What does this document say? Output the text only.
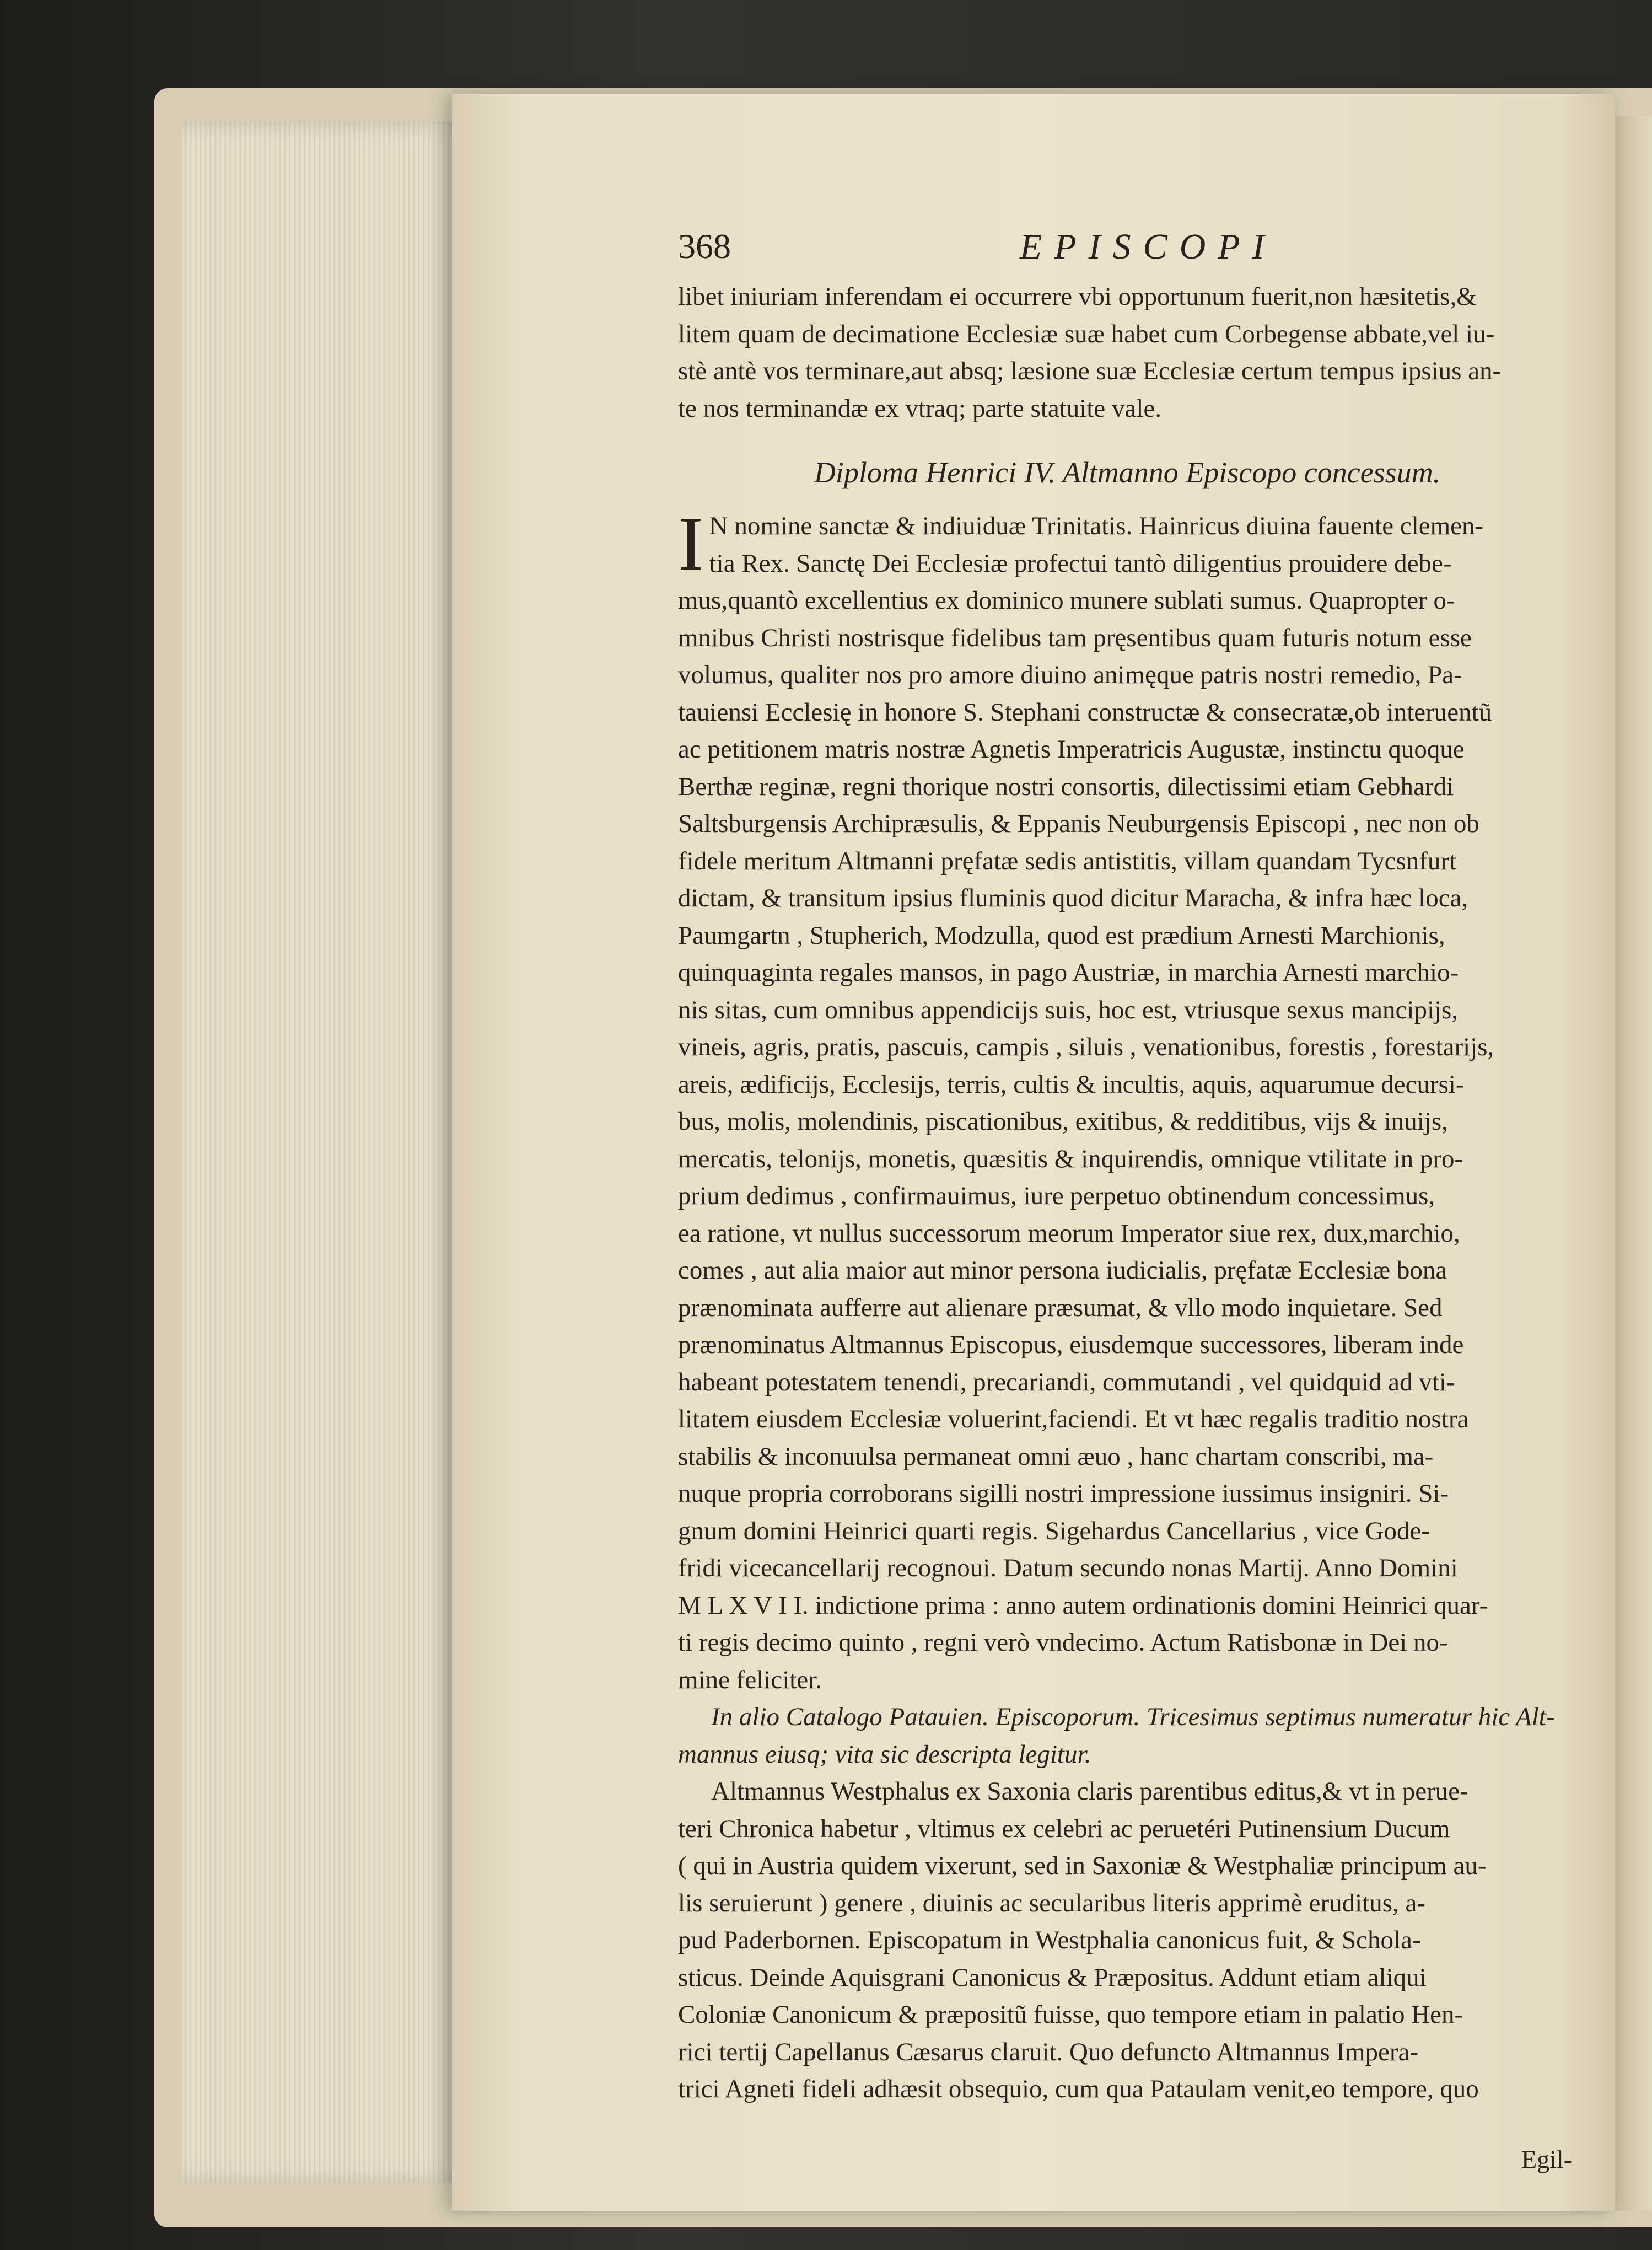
368	EPISCOPI
libet iniuriam inferendam ei occurrere vbi opportunum fuerit,non hæsitetis,&
litem quam de decimatione Ecclesiæ suæ habet cum Corbegense abbate,vel iu-
stè antè vos terminare,aut absq; læsione suæ Ecclesiæ certum tempus ipsius an-
te nos terminandæ ex vtraq; parte statuite vale.
Diploma Henrici IV. Altmanno Episcopo concessum.
I N nomine sanctæ & indiuiduæ Trinitatis. Hainricus diuina fauente clemen-
tia Rex. Sanctę Dei Ecclesiæ profectui tantò diligentius prouidere debe-
mus,quantò excellentius ex dominico munere sublati sumus. Quapropter o-
mnibus Christi nostrisque fidelibus tam pręsentibus quam futuris notum esse
volumus, qualiter nos pro amore diuino animęque patris nostri remedio, Pa-
tauiensi Ecclesię in honore S. Stephani constructæ & consecratæ,ob interuentũ
ac petitionem matris nostræ Agnetis Imperatricis Augustæ, instinctu quoque
Berthæ reginæ, regni thorique nostri consortis, dilectissimi etiam Gebhardi
Saltsburgensis Archipræsulis, & Eppanis Neuburgensis Episcopi , nec non ob
fidele meritum Altmanni pręfatæ sedis antistitis, villam quandam Tycsnfurt
dictam, & transitum ipsius fluminis quod dicitur Maracha, & infra hæc loca,
Paumgartn , Stupherich, Modzulla, quod est prædium Arnesti Marchionis,
quinquaginta regales mansos, in pago Austriæ, in marchia Arnesti marchio-
nis sitas, cum omnibus appendicijs suis, hoc est, vtriusque sexus mancipijs,
vineis, agris, pratis, pascuis, campis , siluis , venationibus, forestis , forestarijs,
areis, ædificijs, Ecclesijs, terris, cultis & incultis, aquis, aquarumue decursi-
bus, molis, molendinis, piscationibus, exitibus, & redditibus, vijs & inuijs,
mercatis, telonijs, monetis, quæsitis & inquirendis, omnique vtilitate in pro-
prium dedimus , confirmauimus, iure perpetuo obtinendum concessimus,
ea ratione, vt nullus successorum meorum Imperator siue rex, dux,marchio,
comes , aut alia maior aut minor persona iudicialis, pręfatæ Ecclesiæ bona
prænominata aufferre aut alienare præsumat, & vllo modo inquietare. Sed
prænominatus Altmannus Episcopus, eiusdemque successores, liberam inde
habeant potestatem tenendi, precariandi, commutandi , vel quidquid ad vti-
litatem eiusdem Ecclesiæ voluerint,faciendi. Et vt hæc regalis traditio nostra
stabilis & inconuulsa permaneat omni æuo , hanc chartam conscribi, ma-
nuque propria corroborans sigilli nostri impressione iussimus insigniri. Si-
gnum domini Heinrici quarti regis. Sigehardus Cancellarius , vice Gode-
fridi vicecancellarij recognoui. Datum secundo nonas Martij. Anno Domini
M L X V I I. indictione prima : anno autem ordinationis domini Heinrici quar-
ti regis decimo quinto , regni verò vndecimo. Actum Ratisbonæ in Dei no-
mine feliciter.
In alio Catalogo Patauien. Episcoporum. Tricesimus septimus numeratur hic Alt-
mannus eiusq; vita sic descripta legitur.
Altmannus Westphalus ex Saxonia claris parentibus editus,& vt in perue-
teri Chronica habetur , vltimus ex celebri ac peruetéri Putinensium Ducum
( qui in Austria quidem vixerunt, sed in Saxoniæ & Westphaliæ principum au-
lis seruierunt ) genere , diuinis ac secularibus literis apprimè eruditus, a-
pud Paderbornen. Episcopatum in Westphalia canonicus fuit, & Schola-
sticus. Deinde Aquisgrani Canonicus & Præpositus. Addunt etiam aliqui
Coloniæ Canonicum & præpositũ fuisse, quo tempore etiam in palatio Hen-
rici tertij Capellanus Cæsarus claruit. Quo defuncto Altmannus Impera-
trici Agneti fideli adhæsit obsequio, cum qua Pataulam venit,eo tempore, quo
Egil-
